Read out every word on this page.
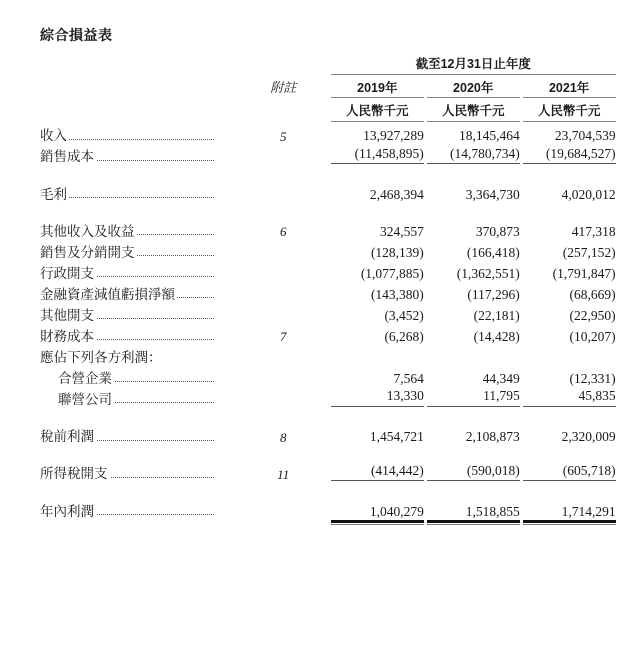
綜合損益表
		截至12月31日止年度					

	附註	2019年		2020年		2021年	

		人民幣千元		人民幣千元		人民幣千元	

收入	5	13,927,289		18,145,464		23,704,539	

銷售成本		(11,458,895)		(14,780,734)		(19,684,527)	

毛利		2,468,394		3,364,730		4,020,012	

其他收入及收益	6	324,557		370,873		417,318	

銷售及分銷開支		(128,139)		(166,418)		(257,152)	

行政開支		(1,077,885)		(1,362,551)		(1,791,847)	

金融資產減值虧損淨額		(143,380)		(117,296)		(68,669)	

其他開支		(3,452)		(22,181)		(22,950)	

財務成本	7	(6,268)		(14,428)		(10,207)	
應佔下列各方利潤：							

合營企業		7,564		44,349		(12,331)	

聯營公司		13,330		11,795		45,835	

稅前利潤	8	1,454,721		2,108,873		2,320,009	

所得稅開支	11	(414,442)		(590,018)		(605,718)	

年內利潤		1,040,279		1,518,855		1,714,291
